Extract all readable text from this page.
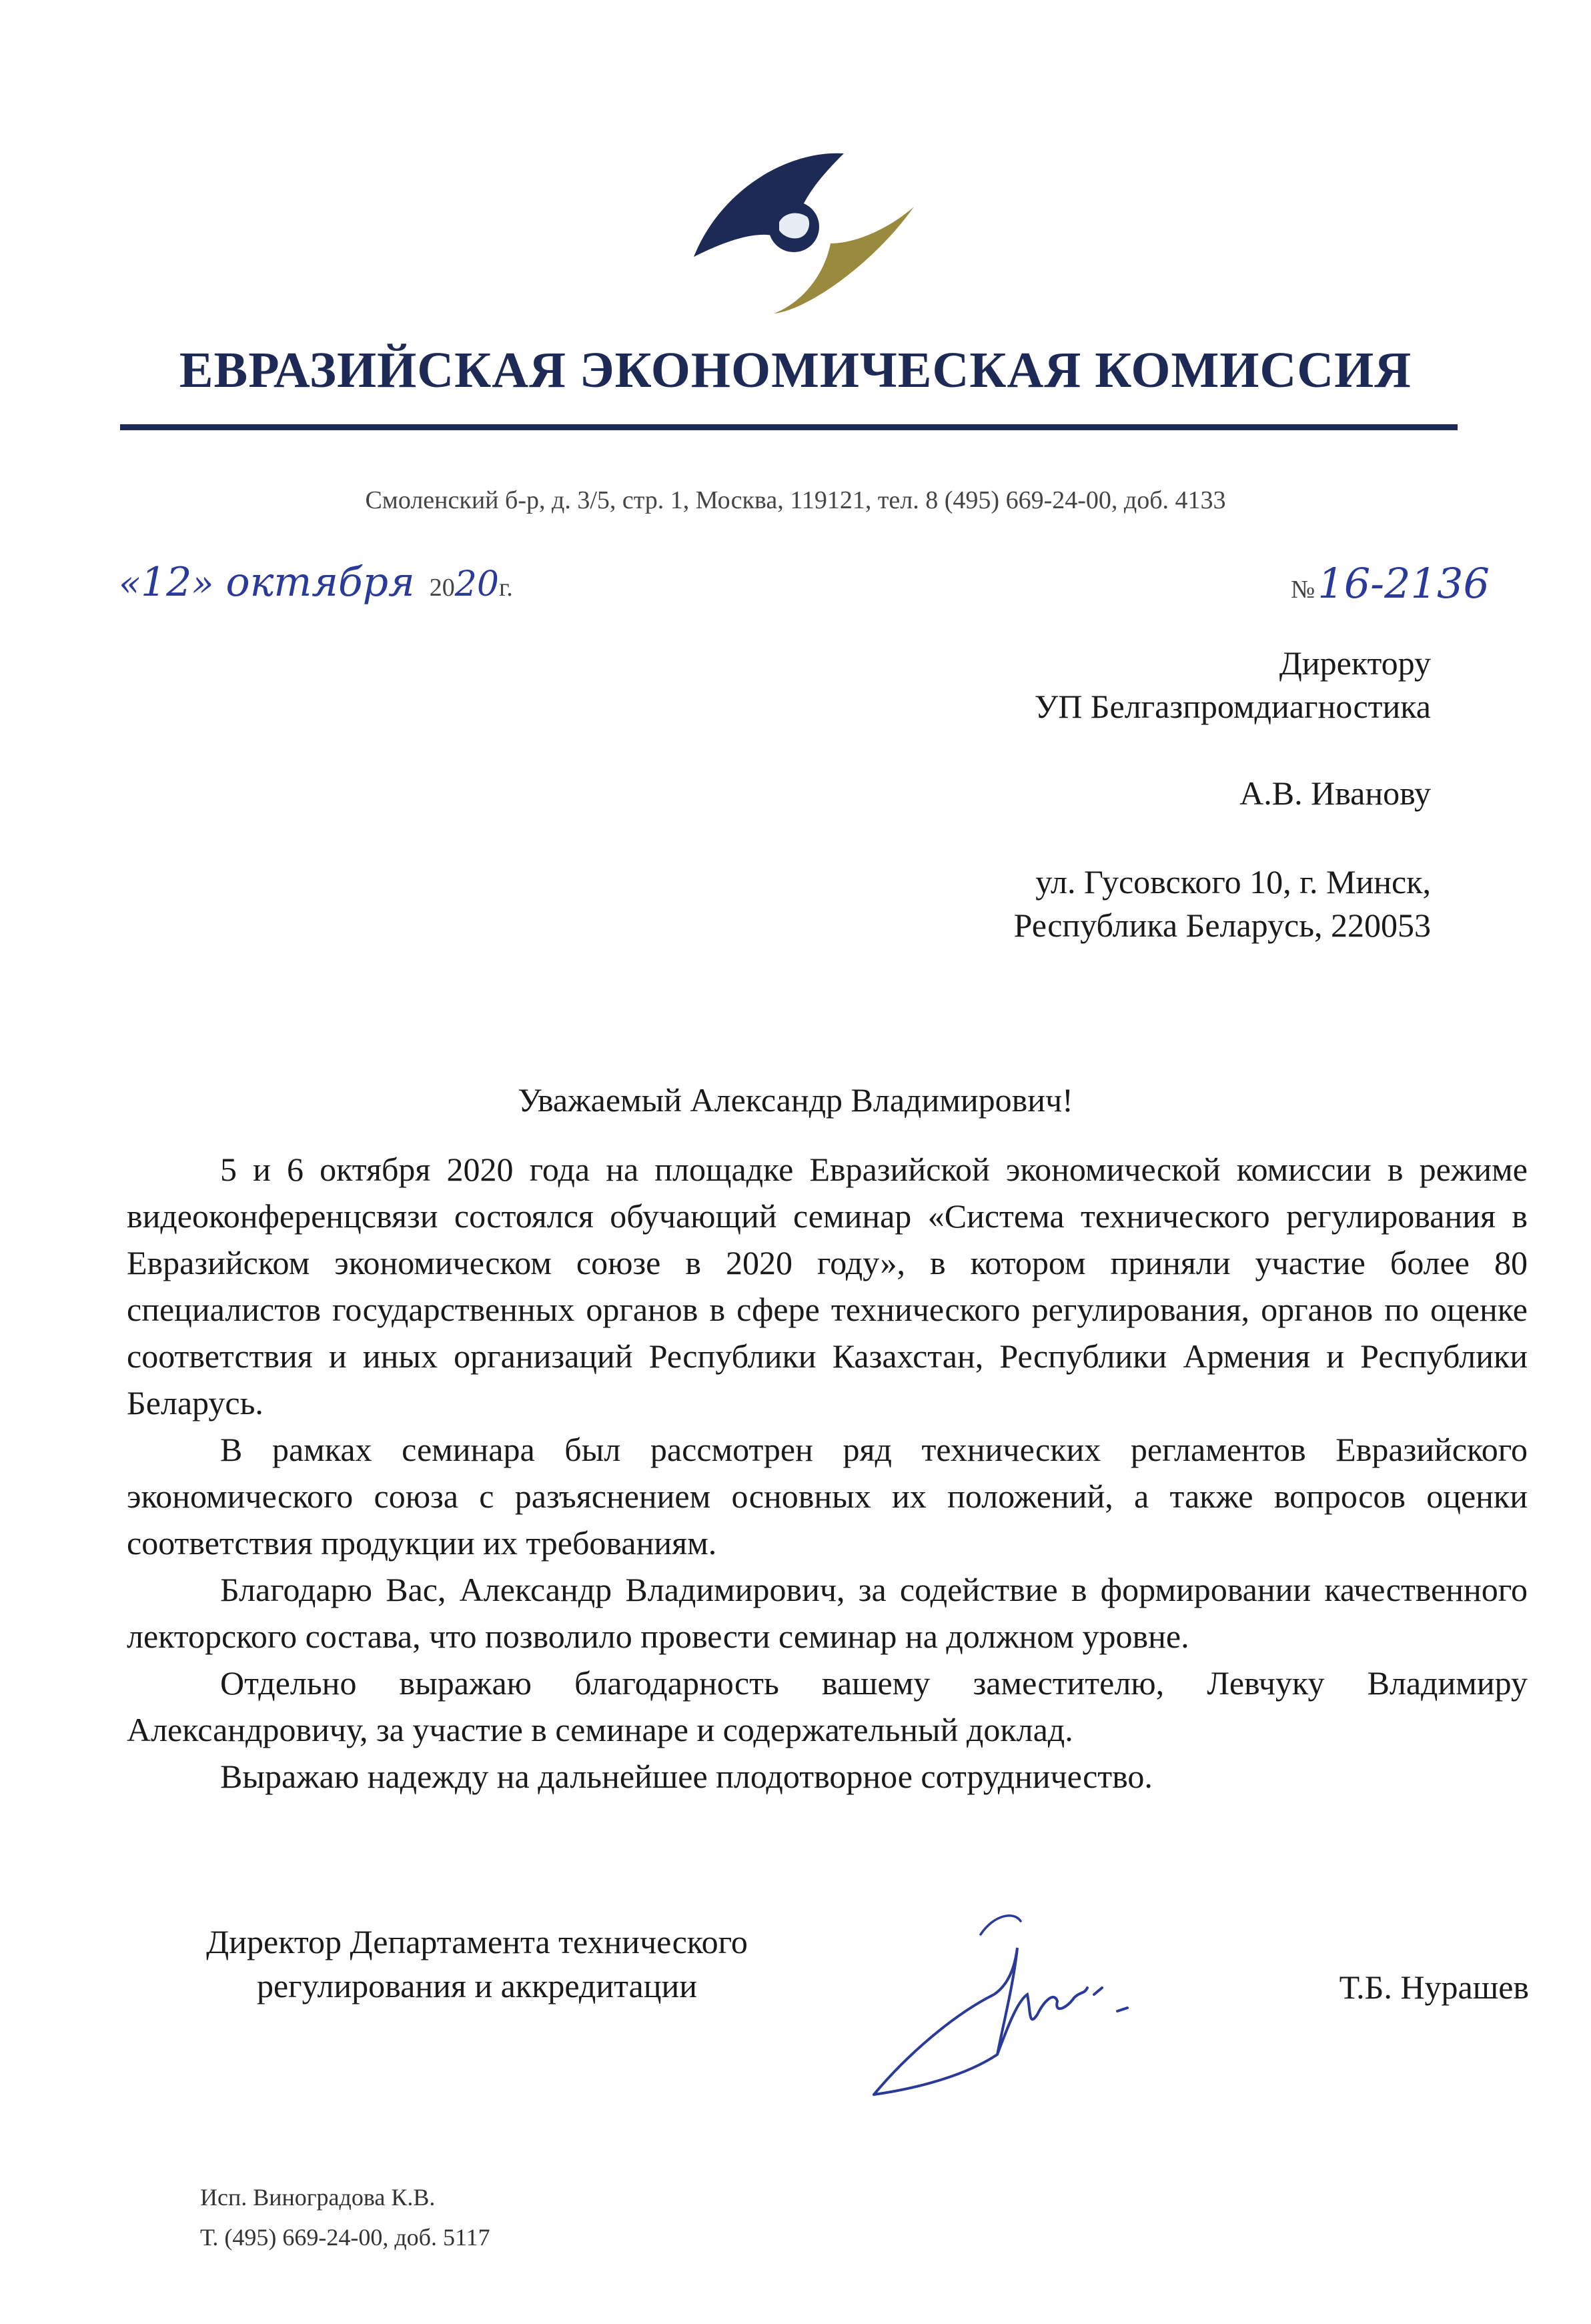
ЕВРАЗИЙСКАЯ ЭКОНОМИЧЕСКАЯ КОМИССИЯ
Смоленский б-р, д. 3/5, стр. 1, Москва, 119121, тел. 8 (495) 669-24-00, доб. 4133
«12» октября 2020г.	№ 16-2136
Директору
УП Белгазпромдиагностика
А.В. Иванову
ул. Гусовского 10, г. Минск,
Республика Беларусь, 220053
Уважаемый Александр Владимирович!

5 и 6 октября 2020 года на площадке Евразийской экономической комиссии в режиме видеоконференцсвязи состоялся обучающий семинар «Система технического регулирования в Евразийском экономическом союзе в 2020 году», в котором приняли участие более 80 специалистов государственных органов в сфере технического регулирования, органов по оценке соответствия и иных организаций Республики Казахстан, Республики Армения и Республики Беларусь.

В рамках семинара был рассмотрен ряд технических регламентов Евразийского экономического союза с разъяснением основных их положений, а также вопросов оценки соответствия продукции их требованиям.

Благодарю Вас, Александр Владимирович, за содействие в формировании качественного лекторского состава, что позволило провести семинар на должном уровне.

Отдельно выражаю благодарность вашему заместителю, Левчуку Владимиру Александровичу, за участие в семинаре и содержательный доклад.

Выражаю надежду на дальнейшее плодотворное сотрудничество.

Директор Департамента технического
регулирования и аккредитации	Т.Б. Нурашев
Исп. Виноградова К.В.
Т. (495) 669-24-00, доб. 5117
